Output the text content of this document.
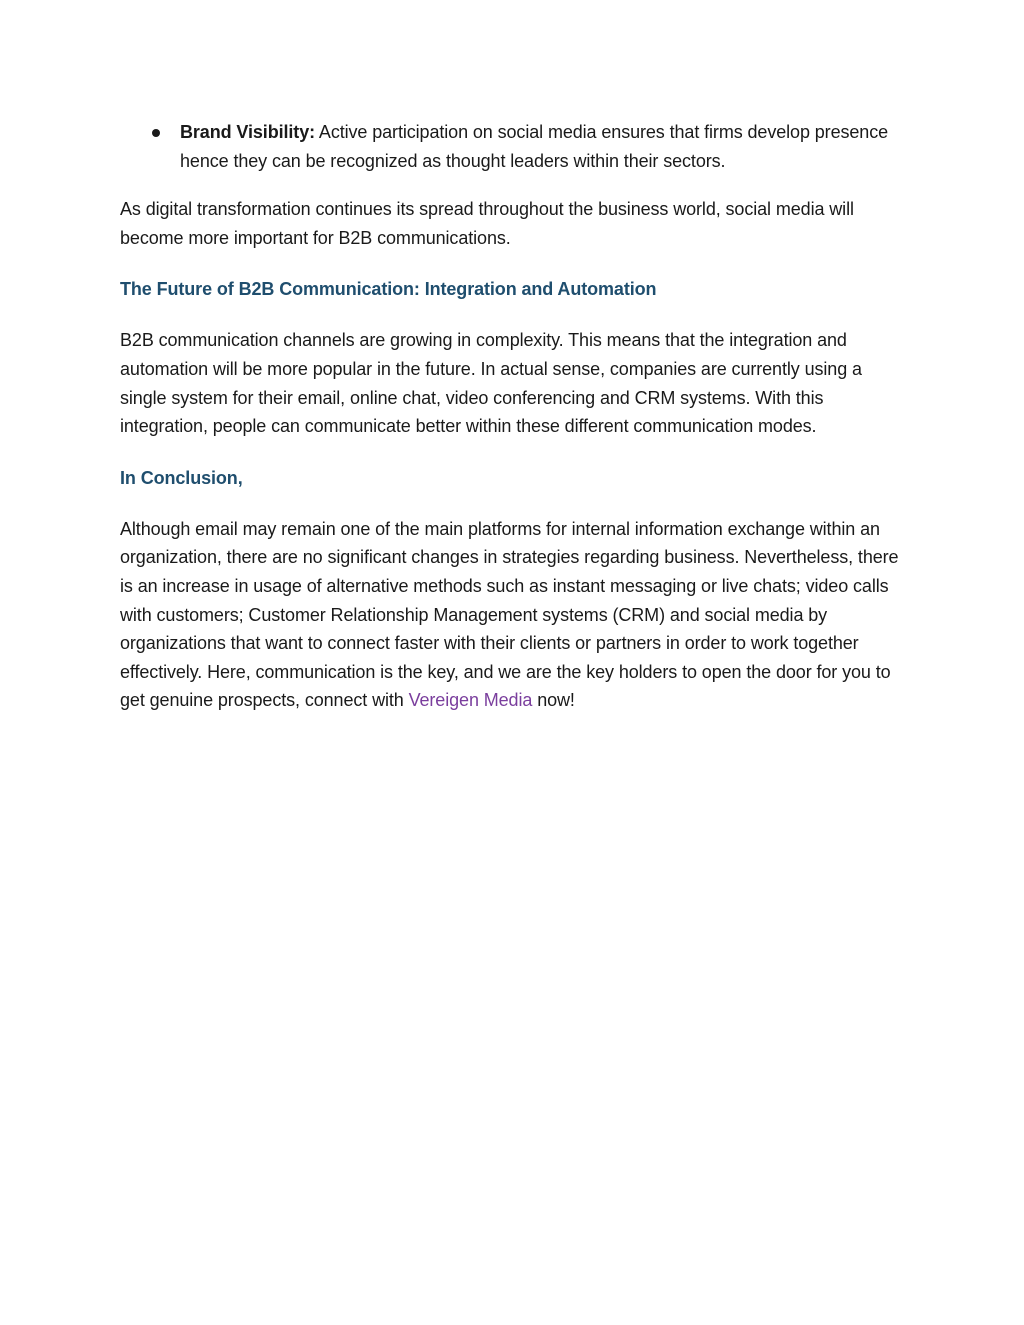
Brand Visibility: Active participation on social media ensures that firms develop presence hence they can be recognized as thought leaders within their sectors.

As digital transformation continues its spread throughout the business world, social media will become more important for B2B communications.

The Future of B2B Communication: Integration and Automation

B2B communication channels are growing in complexity. This means that the integration and automation will be more popular in the future. In actual sense, companies are currently using a single system for their email, online chat, video conferencing and CRM systems. With this integration, people can communicate better within these different communication modes.

In Conclusion,

Although email may remain one of the main platforms for internal information exchange within an organization, there are no significant changes in strategies regarding business. Nevertheless, there is an increase in usage of alternative methods such as instant messaging or live chats; video calls with customers; Customer Relationship Management systems (CRM) and social media by organizations that want to connect faster with their clients or partners in order to work together effectively. Here, communication is the key, and we are the key holders to open the door for you to get genuine prospects, connect with Vereigen Media now!
